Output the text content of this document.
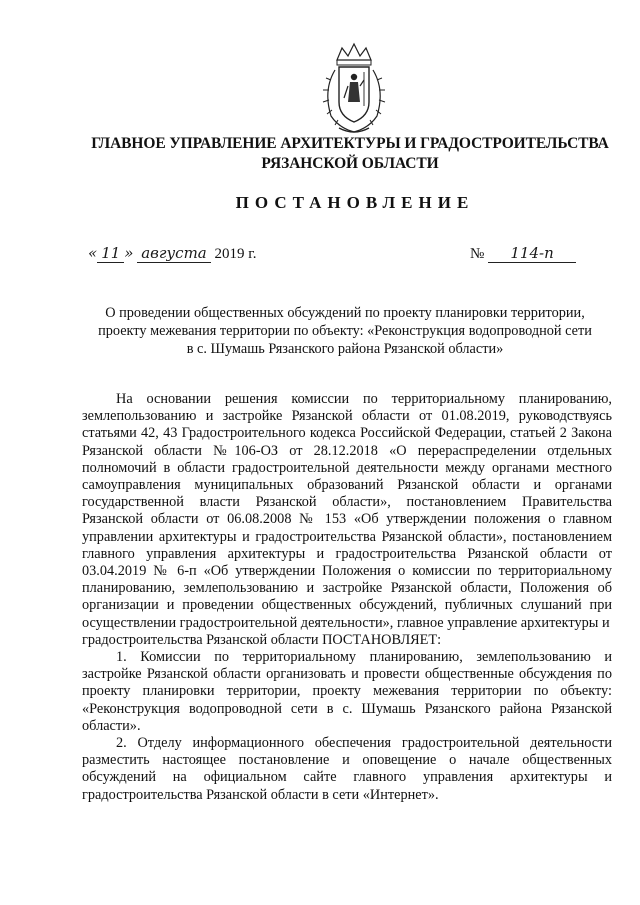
ГЛАВНОЕ УПРАВЛЕНИЕ АРХИТЕКТУРЫ И ГРАДОСТРОИТЕЛЬСТВА
РЯЗАНСКОЙ ОБЛАСТИ
ПОСТАНОВЛЕНИЕ
« 11 » августа 2019 г.	№ 114-п
О проведении общественных обсуждений по проекту планировки территории,
проекту межевания территории по объекту: «Реконструкция водопроводной сети
в с. Шумашь Рязанского района Рязанской области»

На основании решения комиссии по территориальному планированию, землепользованию и застройке Рязанской области от 01.08.2019, руководствуясь статьями 42, 43 Градостроительного кодекса Российской Федерации, статьей 2 Закона Рязанской области №106-ОЗ от 28.12.2018 «О перераспределении отдельных полномочий в области градостроительной деятельности между органами местного самоуправления муниципальных образований Рязанской области и органами государственной власти Рязанской области», постановлением Правительства Рязанской области от 06.08.2008 № 153 «Об утверждении положения о главном управлении архитектуры и градостроительства Рязанской области», постановлением главного управления архитектуры и градостроительства Рязанской области от 03.04.2019 № 6-п «Об утверждении Положения о комиссии по территориальному планированию, землепользованию и застройке Рязанской области, Положения об организации и проведении общественных обсуждений, публичных слушаний при осуществлении градостроительной деятельности», главное управление архитектуры и

градостроительства Рязанской области ПОСТАНОВЛЯЕТ:

1. Комиссии по территориальному планированию, землепользованию и застройке Рязанской области организовать и провести общественные обсуждения по проекту планировки территории, проекту межевания территории по объекту: «Реконструкция водопроводной сети в с. Шумашь Рязанского района Рязанской области».

2. Отделу информационного обеспечения градостроительной деятельности разместить настоящее постановление и оповещение о начале общественных обсуждений на официальном сайте главного управления архитектуры и градостроительства Рязанской области в сети «Интернет».
